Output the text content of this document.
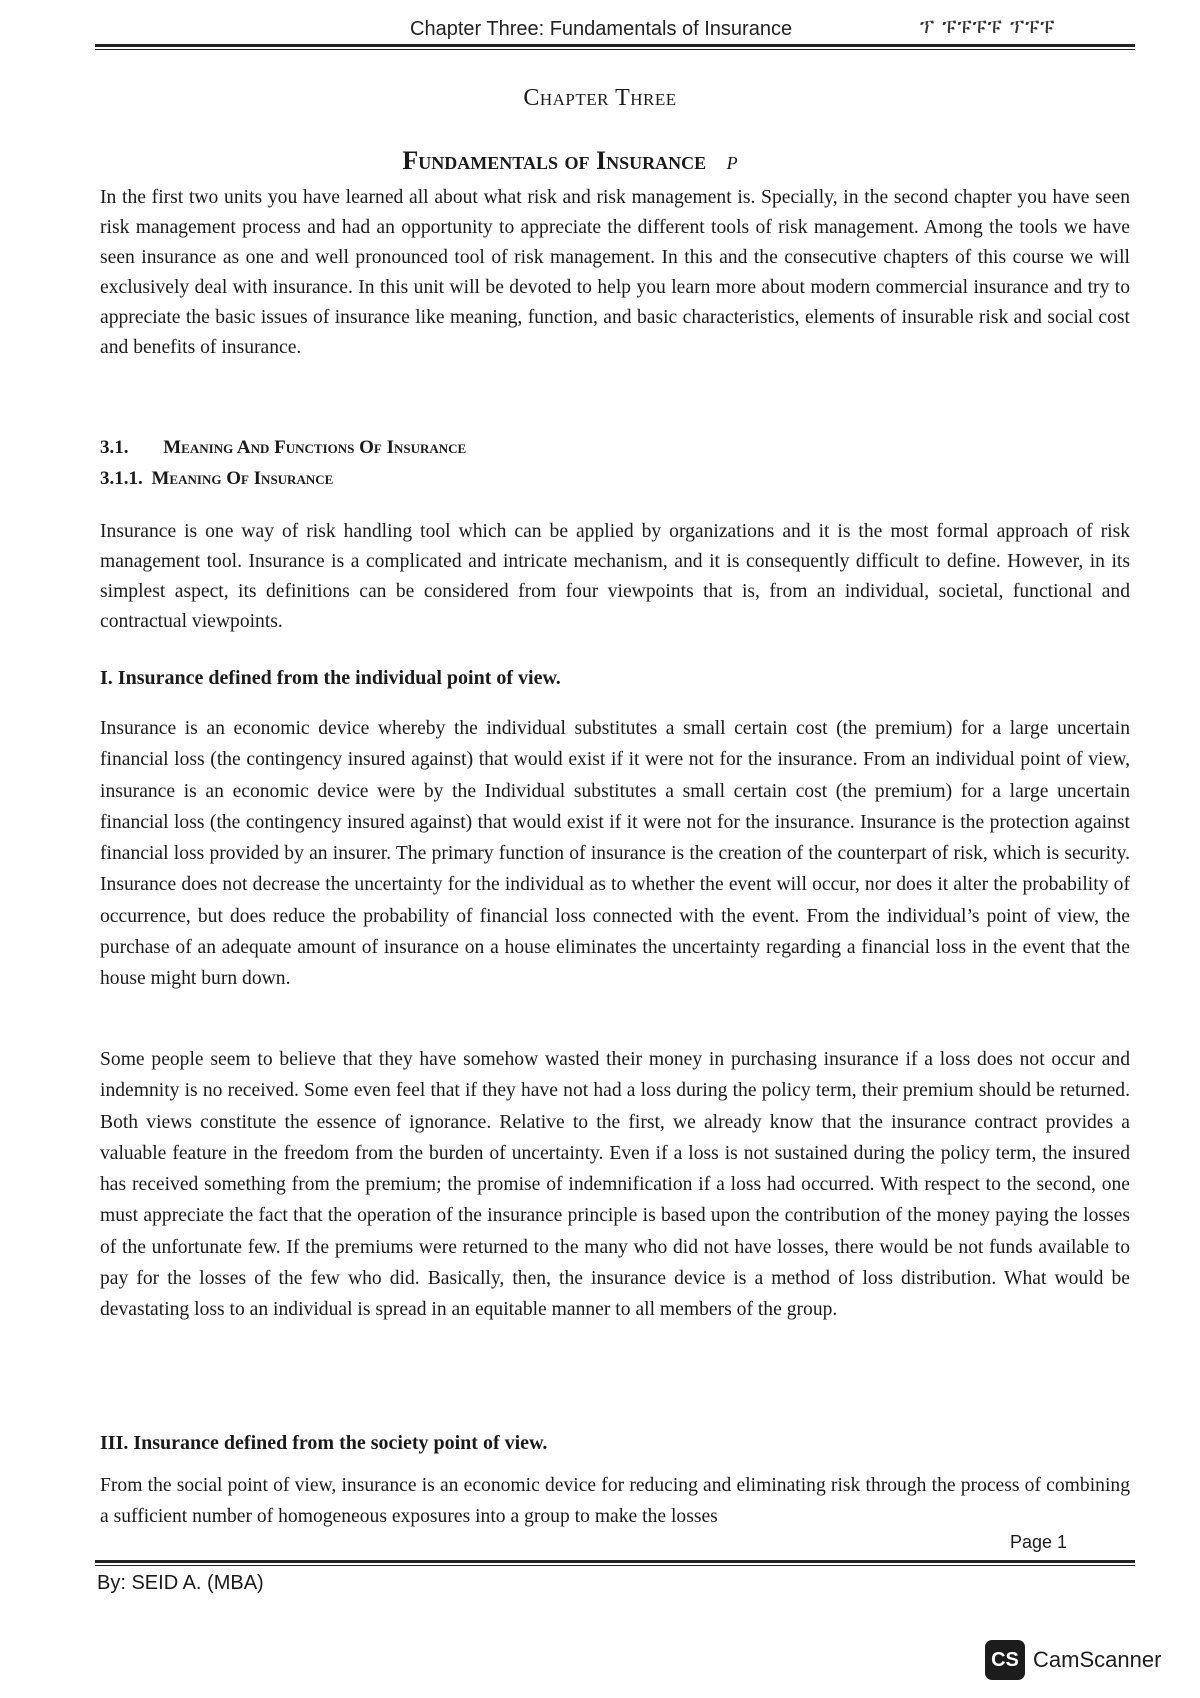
Chapter Three: Fundamentals of Insurance	ፕ ፑፑፑፑ ፕፑፑ
Chapter Three
Fundamentals of Insurance ρ

In the first two units you have learned all about what risk and risk management is. Specially, in the second chapter you have seen risk management process and had an opportunity to appreciate the different tools of risk management. Among the tools we have seen insurance as one and well pronounced tool of risk management. In this and the consecutive chapters of this course we will exclusively deal with insurance. In this unit will be devoted to help you learn more about modern commercial insurance and try to appreciate the basic issues of insurance like meaning, function, and basic characteristics, elements of insurable risk and social cost and benefits of insurance.

3.1. Meaning And Functions Of Insurance
3.1.1. Meaning Of Insurance

Insurance is one way of risk handling tool which can be applied by organizations and it is the most formal approach of risk management tool. Insurance is a complicated and intricate mechanism, and it is consequently difficult to define. However, in its simplest aspect, its definitions can be considered from four viewpoints that is, from an individual, societal, functional and contractual viewpoints.

I. Insurance defined from the individual point of view.

Insurance is an economic device whereby the individual substitutes a small certain cost (the premium) for a large uncertain financial loss (the contingency insured against) that would exist if it were not for the insurance. From an individual point of view, insurance is an economic device were by the Individual substitutes a small certain cost (the premium) for a large uncertain financial loss (the contingency insured against) that would exist if it were not for the insurance. Insurance is the protection against financial loss provided by an insurer. The primary function of insurance is the creation of the counterpart of risk, which is security. Insurance does not decrease the uncertainty for the individual as to whether the event will occur, nor does it alter the probability of occurrence, but does reduce the probability of financial loss connected with the event. From the individual’s point of view, the purchase of an adequate amount of insurance on a house eliminates the uncertainty regarding a financial loss in the event that the house might burn down.

Some people seem to believe that they have somehow wasted their money in purchasing insurance if a loss does not occur and indemnity is no received. Some even feel that if they have not had a loss during the policy term, their premium should be returned. Both views constitute the essence of ignorance. Relative to the first, we already know that the insurance contract provides a valuable feature in the freedom from the burden of uncertainty. Even if a loss is not sustained during the policy term, the insured has received something from the premium; the promise of indemnification if a loss had occurred. With respect to the second, one must appreciate the fact that the operation of the insurance principle is based upon the contribution of the money paying the losses of the unfortunate few. If the premiums were returned to the many who did not have losses, there would be not funds available to pay for the losses of the few who did. Basically, then, the insurance device is a method of loss distribution. What would be devastating loss to an individual is spread in an equitable manner to all members of the group.

III. Insurance defined from the society point of view.

From the social point of view, insurance is an economic device for reducing and eliminating risk through the process of combining a sufficient number of homogeneous exposures into a group to make the losses

Page 1
By: SEID A. (MBA)
CS CamScanner
